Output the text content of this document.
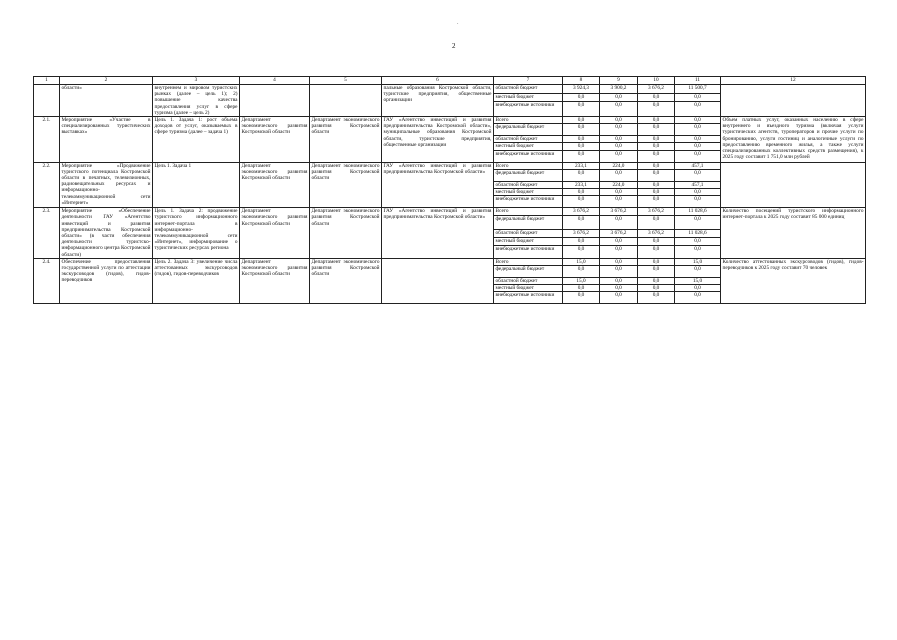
.
2
1	2	3	4	5	6	7	8	9	10	11	12
	области»	внутреннем и мировом туристских рынках (далее – цель 1); 2) повышение качества предоставления услуг в сфере туризма (далее – цель 2)			пальные образования Костромской области, туристские предприятия, общественные организации	областной бюджет	3 924,3	3 900,2	3 676,2	11 500,7	
						местный бюджет	0,0	0,0	0,0	0,0	
						внебюджетные источники	0,0	0,0	0,0	0,0	
2.1.	Мероприятие «Участие в специализированных туристических выставках»	Цель 1. Задача 1: рост объема доходов от услуг, оказываемых в сфере туризма (далее – задача 1)	Департамент экономического развития Костромской области	Департамент экономического развития Костромской области	ГАУ «Агентство инвестиций и развития предпринимательства Костромской области», муниципальные образования Костромской области, туристские предприятия, общественные организации	Всего	0,0	0,0	0,0	0,0	Объем платных услуг, оказанных населению в сфере внутреннего и въездного туризма (включая услуги туристических агентств, туроператоров и прочие услуги по бронированию, услуги гостиниц и аналогичные услуги по предоставлению временного жилья, а также услуги специализированных коллективных средств размещения), к 2025 году составит 1 751,0 млн рублей
						федеральный бюджет	0,0	0,0	0,0	0,0	
						областной бюджет	0,0	0,0	0,0	0,0	
						местный бюджет	0,0	0,0	0,0	0,0	
						внебюджетные источники	0,0	0,0	0,0	0,0	
2.2.	Мероприятие «Продвижение туристского потенциала Костромской области в печатных, телевизионных, радиовещательных ресурсах и информационно-телекоммуникационной сети «Интернет»	Цель 1. Задача 1	Департамент экономического развития Костромской области	Департамент экономического развития Костромской области	ГАУ «Агентство инвестиций и развития предпринимательства Костромской области»	Всего	233,1	224,0	0,0	457,1	
						федеральный бюджет	0,0	0,0	0,0	0,0	
						областной бюджет	233,1	224,0	0,0	457,1	
						местный бюджет	0,0	0,0	0,0	0,0	
						внебюджетные источники	0,0	0,0	0,0	0,0	
2.3.	Мероприятие «Обеспечение деятельности ГАУ «Агентство инвестиций и развития предпринимательства Костромской области» (в части обеспечения деятельности туристско-информационного центра Костромской области)	Цель 1. Задача 2: продвижение туристского информационного интернет-портала в информационно-телекоммуникационной сети «Интернет», информирование о туристических ресурсах региона	Департамент экономического развития Костромской области	Департамент экономического развития Костромской области	ГАУ «Агентство инвестиций и развития предпринимательства Костромской области»	Всего	3 676,2	3 676,2	3 676,2	11 028,6	Количество посещений туристского информационного интернет-портала к 2025 году составит 85 000 единиц
						федеральный бюджет	0,0	0,0	0,0	0,0	
						областной бюджет	3 676,2	3 676,2	3 676,2	11 028,6	
						местный бюджет	0,0	0,0	0,0	0,0	
						внебюджетные источники	0,0	0,0	0,0	0,0	
2.4.	Обеспечение предоставления государственной услуги по аттестации экскурсоводов (гидов), гидов-переводчиков	Цель 2. Задача 3: увеличение числа аттестованных экскурсоводов (гидов), гидов-переводчиков	Департамент экономического развития Костромской области	Департамент экономического развития Костромской области		Всего	15,0	0,0	0,0	15,0	Количество аттестованных экскурсоводов (гидов), гидов-переводчиков к 2025 году составит 70 человек
						федеральный бюджет	0,0	0,0	0,0	0,0	
						областной бюджет	15,0	0,0	0,0	15,0	
						местный бюджет	0,0	0,0	0,0	0,0	
						внебюджетные источники	0,0	0,0	0,0	0,0	
